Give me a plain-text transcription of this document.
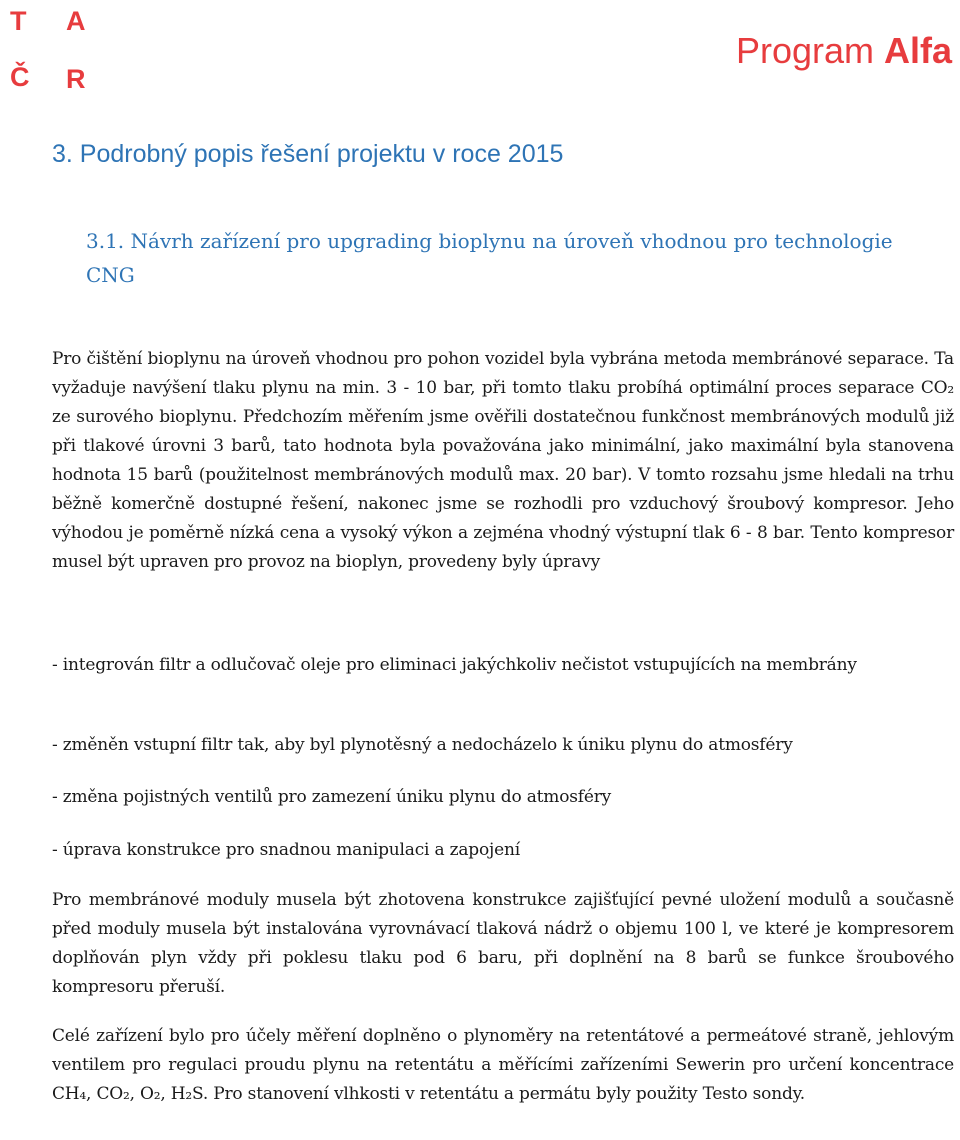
T A
Č R
Program Alfa
3. Podrobný popis řešení projektu v roce 2015
3.1. Návrh zařízení pro upgrading bioplynu na úroveň vhodnou pro technologie CNG

Pro čištění bioplynu na úroveň vhodnou pro pohon vozidel byla vybrána metoda membránové separace. Ta vyžaduje navýšení tlaku plynu na min. 3 - 10 bar, při tomto tlaku probíhá optimální proces separace CO₂ ze surového bioplynu. Předchozím měřením jsme ověřili dostatečnou funkčnost membránových modulů již při tlakové úrovni 3 barů, tato hodnota byla považována jako minimální, jako maximální byla stanovena hodnota 15 barů (použitelnost membránových modulů max. 20 bar). V tomto rozsahu jsme hledali na trhu běžně komerčně dostupné řešení, nakonec jsme se rozhodli pro vzduchový šroubový kompresor. Jeho výhodou je poměrně nízká cena a vysoký výkon a zejména vhodný výstupní tlak 6 - 8 bar. Tento kompresor musel být upraven pro provoz na bioplyn, provedeny byly úpravy

- integrován filtr a odlučovač oleje pro eliminaci jakýchkoliv nečistot vstupujících na membrány

- změněn vstupní filtr tak, aby byl plynotěsný a nedocházelo k úniku plynu do atmosféry

- změna pojistných ventilů pro zamezení úniku plynu do atmosféry

- úprava konstrukce pro snadnou manipulaci a zapojení

Pro membránové moduly musela být zhotovena konstrukce zajišťující pevné uložení modulů a současně před moduly musela být instalována vyrovnávací tlaková nádrž o objemu 100 l, ve které je kompresorem doplňován plyn vždy při poklesu tlaku pod 6 baru, při doplnění na 8 barů se funkce šroubového kompresoru přeruší.

Celé zařízení bylo pro účely měření doplněno o plynoměry na retentátové a permeátové straně, jehlovým ventilem pro regulaci proudu plynu na retentátu a měřícími zařízeními Sewerin pro určení koncentrace CH₄, CO₂, O₂, H₂S. Pro stanovení vlhkosti v retentátu a permátu byly použity Testo sondy.
